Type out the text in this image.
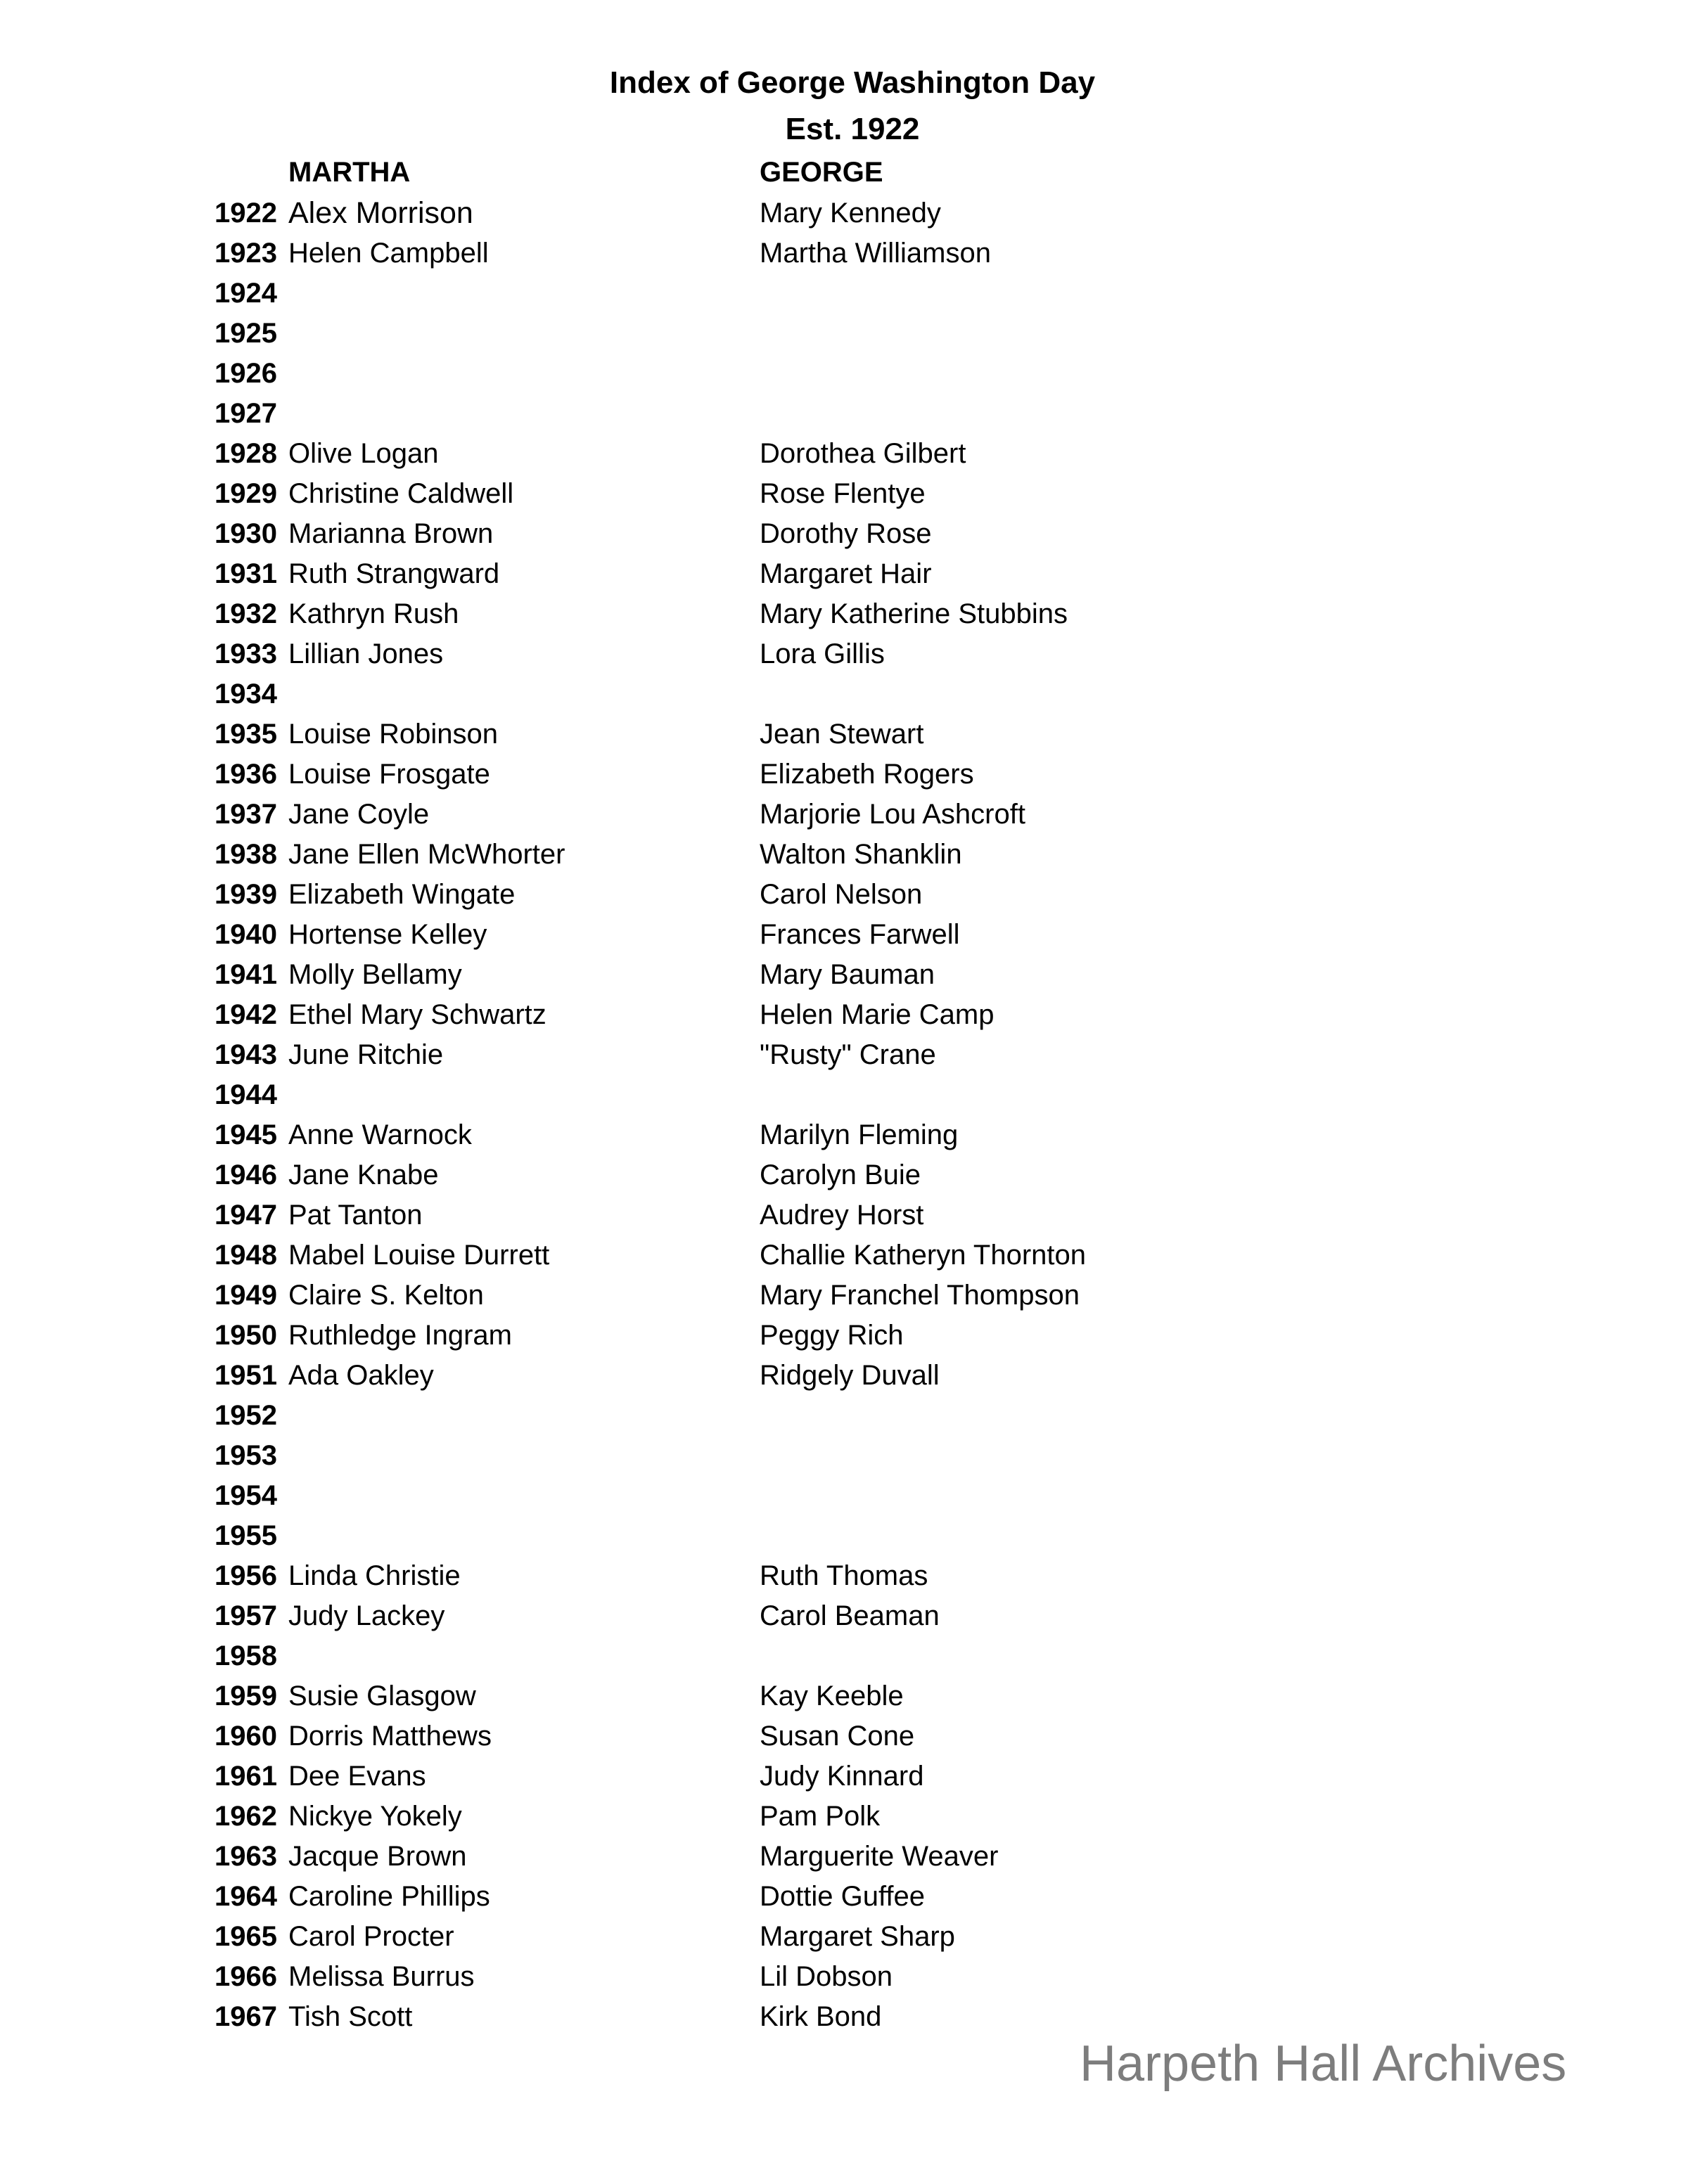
Index of George Washington Day
Est. 1922
MARTHA	GEORGE
1922 Alex Morrison	Mary Kennedy
1923 Helen Campbell	Martha Williamson
1924
1925
1926
1927
1928 Olive Logan	Dorothea Gilbert
1929 Christine Caldwell	Rose Flentye
1930 Marianna Brown	Dorothy Rose
1931 Ruth Strangward	Margaret Hair
1932 Kathryn Rush	Mary Katherine Stubbins
1933 Lillian Jones	Lora Gillis
1934
1935 Louise Robinson	Jean Stewart
1936 Louise Frosgate	Elizabeth Rogers
1937 Jane Coyle	Marjorie Lou Ashcroft
1938 Jane Ellen McWhorter	Walton Shanklin
1939 Elizabeth Wingate	Carol Nelson
1940 Hortense Kelley	Frances Farwell
1941 Molly Bellamy	Mary Bauman
1942 Ethel Mary Schwartz	Helen Marie Camp
1943 June Ritchie	"Rusty" Crane
1944
1945 Anne Warnock	Marilyn Fleming
1946 Jane Knabe	Carolyn Buie
1947 Pat Tanton	Audrey Horst
1948 Mabel Louise Durrett	Challie Katheryn Thornton
1949 Claire S. Kelton	Mary Franchel Thompson
1950 Ruthledge Ingram	Peggy Rich
1951 Ada Oakley	Ridgely Duvall
1952
1953
1954
1955
1956 Linda Christie	Ruth Thomas
1957 Judy Lackey	Carol Beaman
1958
1959 Susie Glasgow	Kay Keeble
1960 Dorris Matthews	Susan Cone
1961 Dee Evans	Judy Kinnard
1962 Nickye Yokely	Pam Polk
1963 Jacque Brown	Marguerite Weaver
1964 Caroline Phillips	Dottie Guffee
1965 Carol Procter	Margaret Sharp
1966 Melissa Burrus	Lil Dobson
1967 Tish Scott	Kirk Bond
Harpeth Hall Archives
